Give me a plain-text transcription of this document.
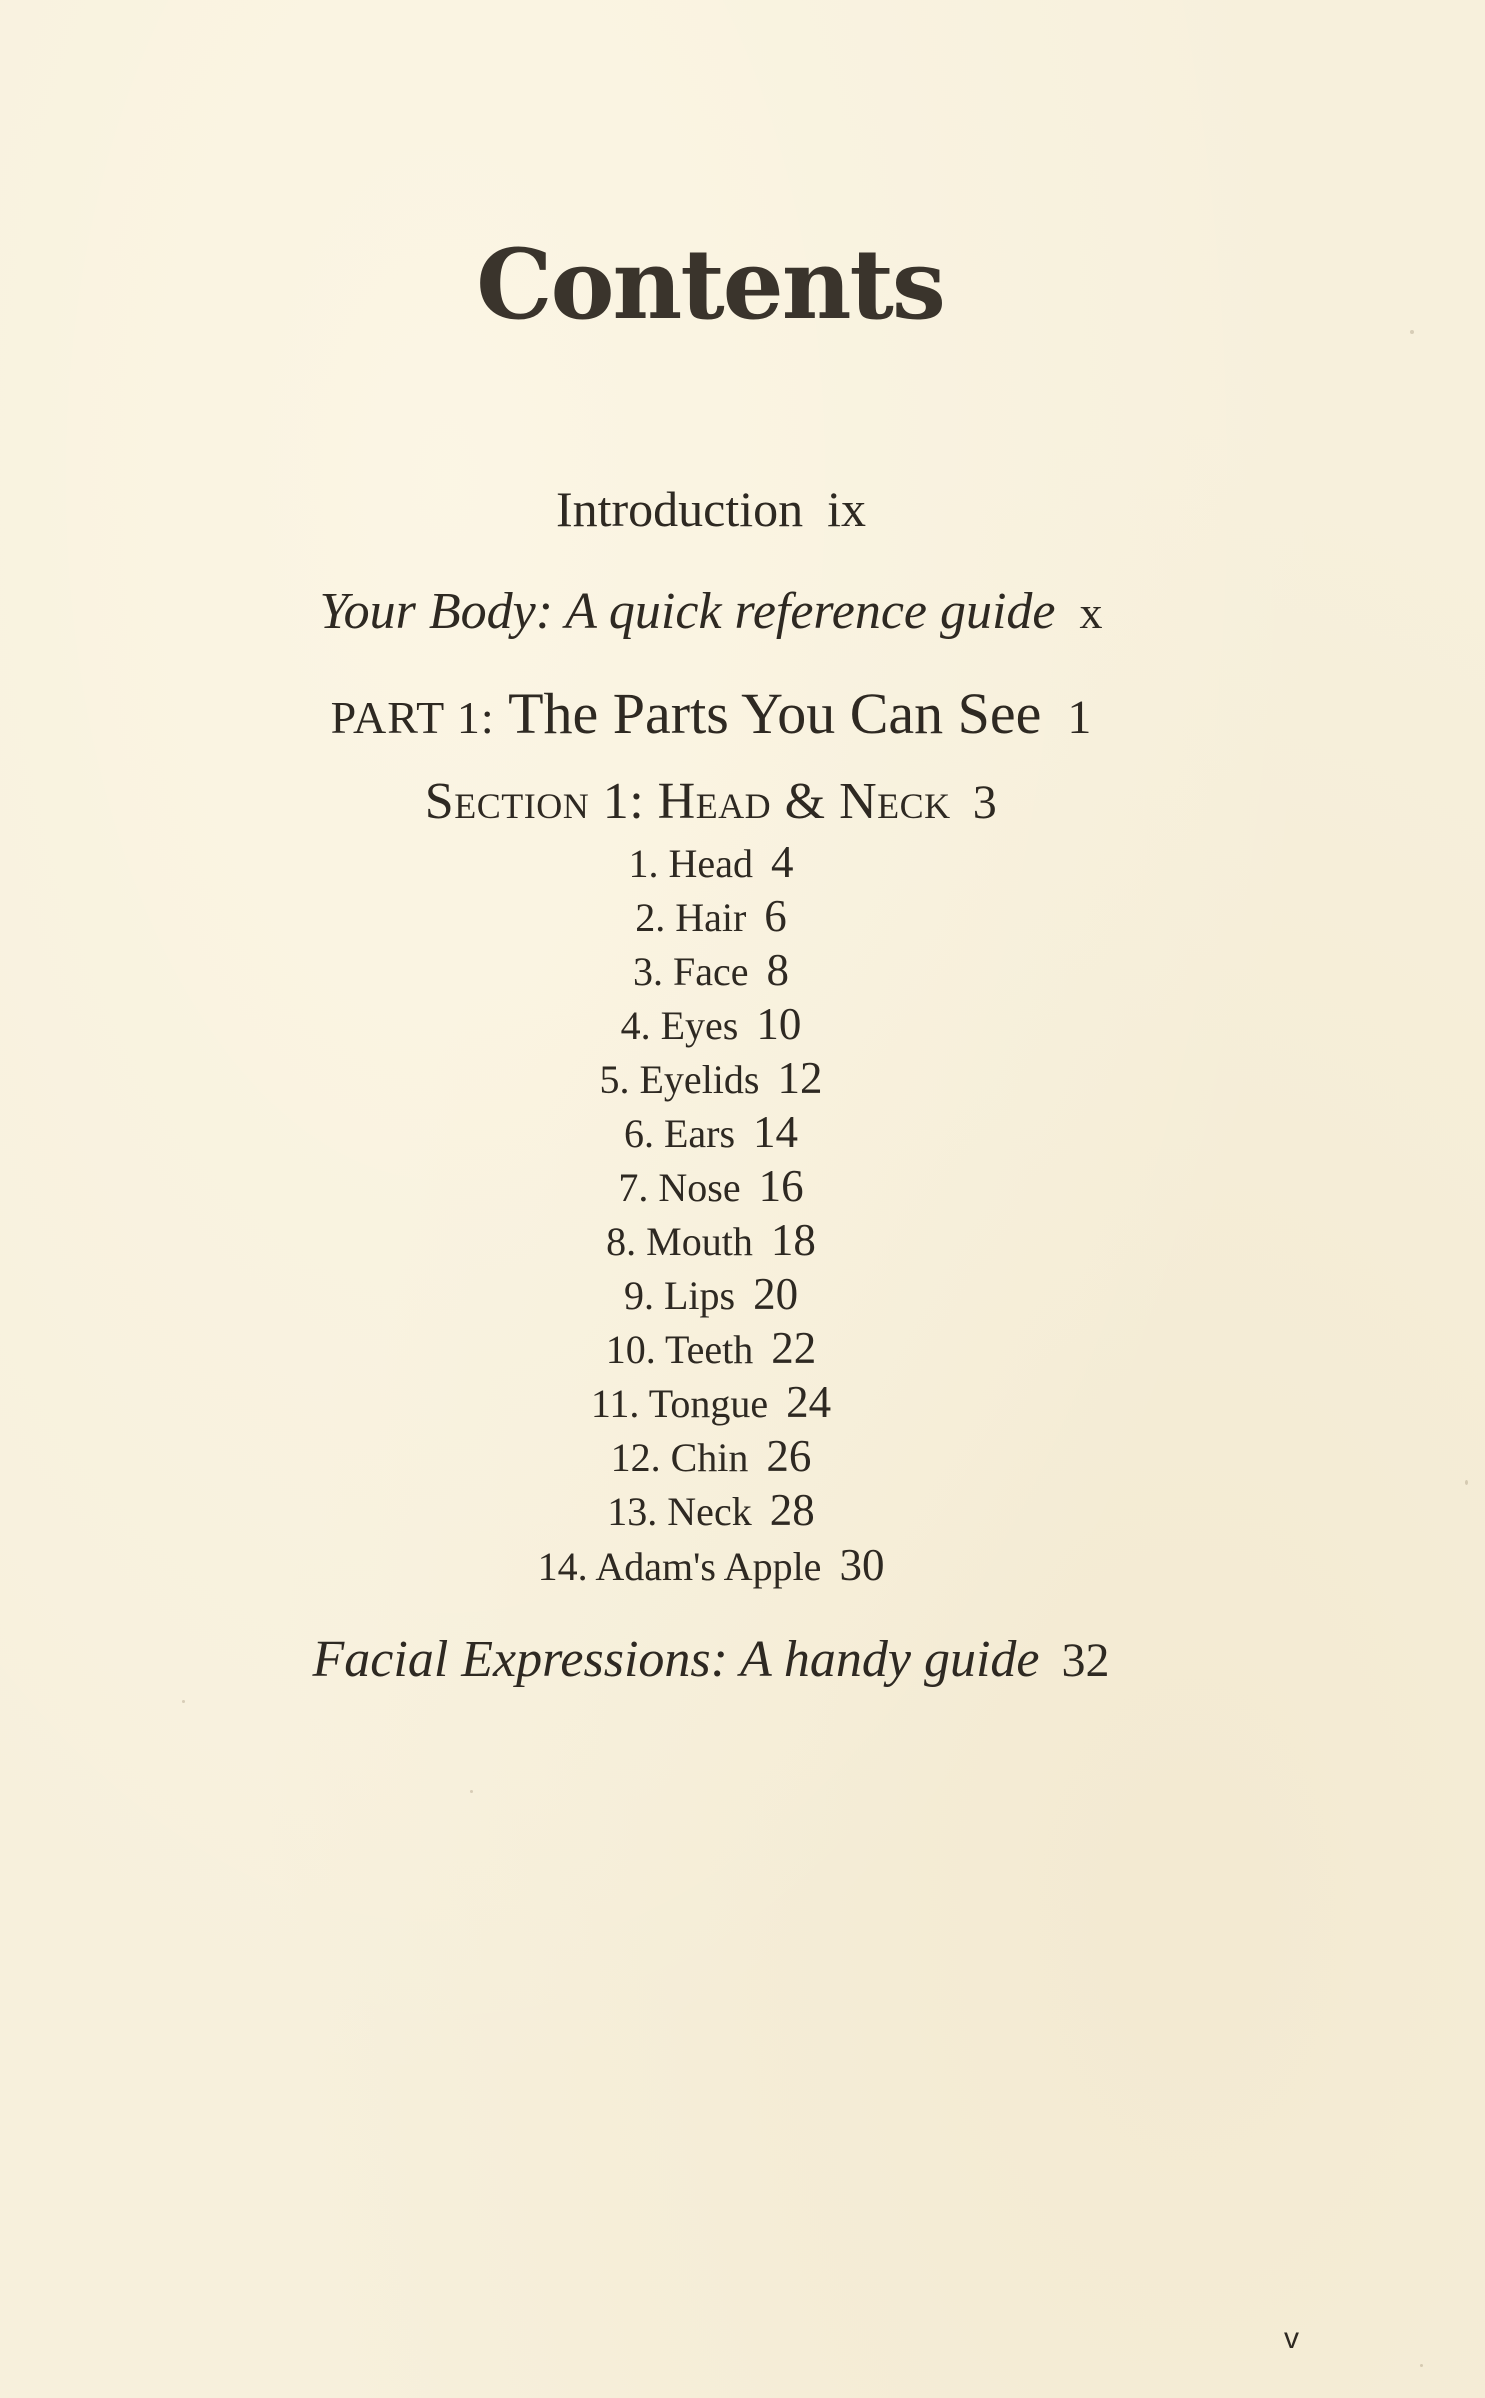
Contents
Introduction ix
Your Body: A quick reference guide x
PART 1: The Parts You Can See 1
Section 1: Head & Neck 3
1. Head 4
2. Hair 6
3. Face 8
4. Eyes 10
5. Eyelids 12
6. Ears 14
7. Nose 16
8. Mouth 18
9. Lips 20
10. Teeth 22
11. Tongue 24
12. Chin 26
13. Neck 28
14. Adam's Apple 30
Facial Expressions: A handy guide 32
v
